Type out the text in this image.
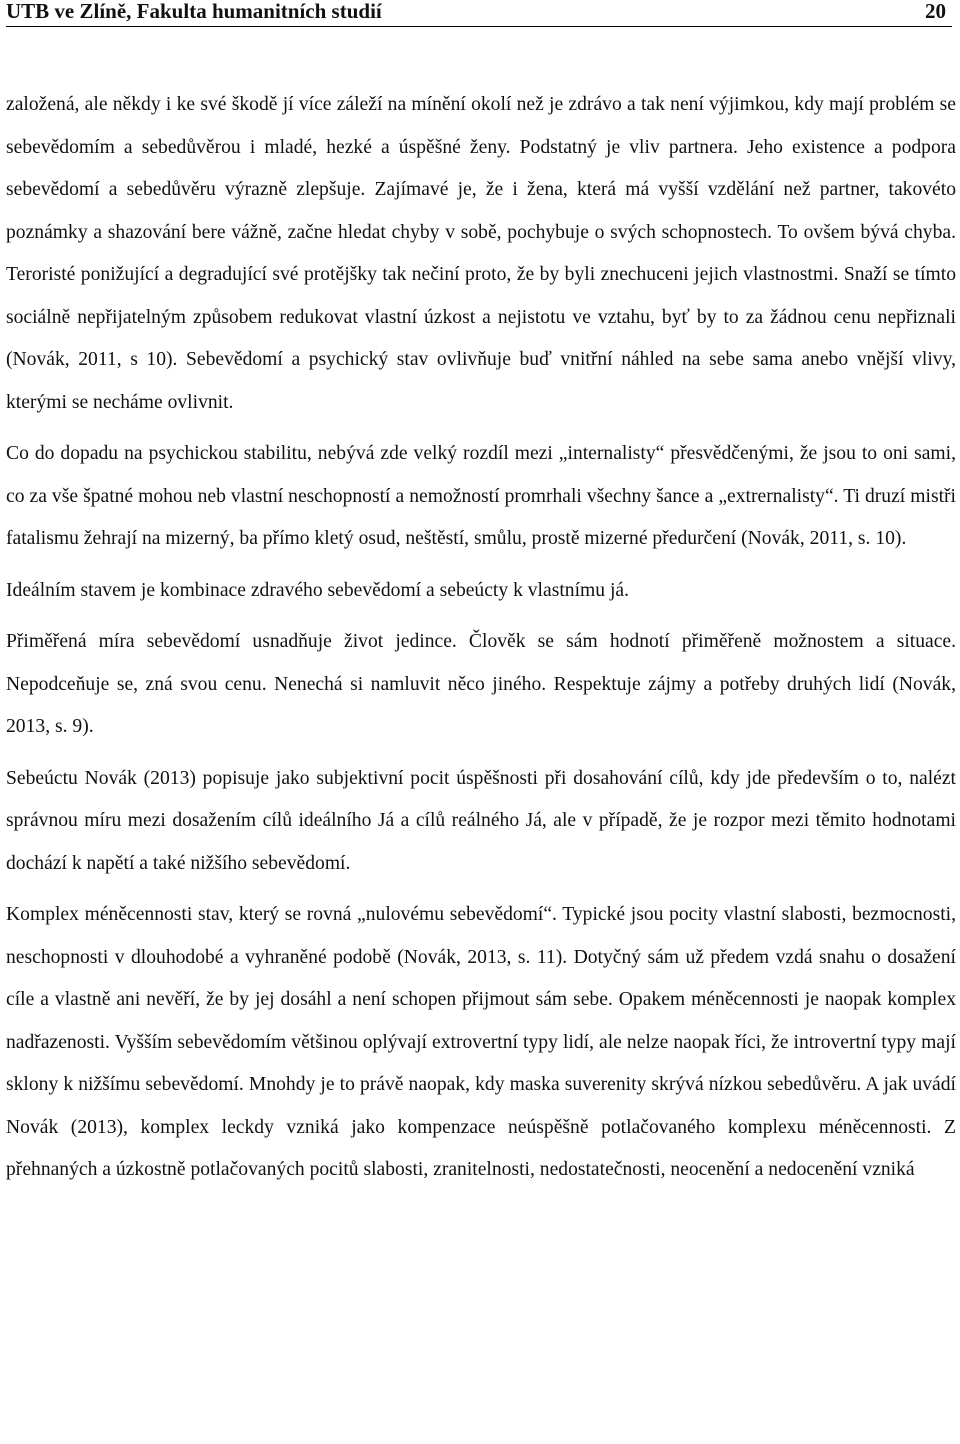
UTB ve Zlíně, Fakulta humanitních studií	20

založená, ale někdy i ke své škodě jí více záleží na mínění okolí než je zdrávo a tak není výjimkou, kdy mají problém se sebevědomím a sebedůvěrou i mladé, hezké a úspěšné ženy. Podstatný je vliv partnera. Jeho existence a podpora sebevědomí a sebedůvěru výrazně zlepšuje. Zajímavé je, že i žena, která má vyšší vzdělání než partner, takovéto poznámky a shazování bere vážně, začne hledat chyby v sobě, pochybuje o svých schopnostech. To ovšem bývá chyba. Teroristé ponižující a degradující své protějšky tak nečiní proto, že by byli znechuceni jejich vlastnostmi. Snaží se tímto sociálně nepřijatelným způsobem redukovat vlastní úzkost a nejistotu ve vztahu, byť by to za žádnou cenu nepřiznali (Novák, 2011, s 10). Sebevědomí a psychický stav ovlivňuje buď vnitřní náhled na sebe sama anebo vnější vlivy, kterými se necháme ovlivnit.

Co do dopadu na psychickou stabilitu, nebývá zde velký rozdíl mezi „internalisty“ přesvědčenými, že jsou to oni sami, co za vše špatné mohou neb vlastní neschopností a nemožností promrhali všechny šance a „extrernalisty“. Ti druzí mistři fatalismu žehrají na mizerný, ba přímo kletý osud, neštěstí, smůlu, prostě mizerné předurčení (Novák, 2011, s. 10).

Ideálním stavem je kombinace zdravého sebevědomí a sebeúcty k vlastnímu já.

Přiměřená míra sebevědomí usnadňuje život jedince. Člověk se sám hodnotí přiměřeně možnostem a situace. Nepodceňuje se, zná svou cenu. Nenechá si namluvit něco jiného. Respektuje zájmy a potřeby druhých lidí (Novák, 2013, s. 9).

Sebeúctu Novák (2013) popisuje jako subjektivní pocit úspěšnosti při dosahování cílů, kdy jde především o to, nalézt správnou míru mezi dosažením cílů ideálního Já a cílů reálného Já, ale v případě, že je rozpor mezi těmito hodnotami dochází k napětí a také nižšího sebevědomí.

Komplex méněcennosti stav, který se rovná „nulovému sebevědomí“. Typické jsou pocity vlastní slabosti, bezmocnosti, neschopnosti v dlouhodobé a vyhraněné podobě (Novák, 2013, s. 11). Dotyčný sám už předem vzdá snahu o dosažení cíle a vlastně ani nevěří, že by jej dosáhl a není schopen přijmout sám sebe. Opakem méněcennosti je naopak komplex nadřazenosti. Vyšším sebevědomím většinou oplývají extrovertní typy lidí, ale nelze naopak říci, že introvertní typy mají sklony k nižšímu sebevědomí. Mnohdy je to právě naopak, kdy maska suverenity skrývá nízkou sebedůvěru. A jak uvádí Novák (2013), komplex leckdy vzniká jako kompenzace neúspěšně potlačovaného komplexu méněcennosti. Z přehnaných a úzkostně potlačovaných pocitů slabosti, zranitelnosti, nedostatečnosti, neocenění a nedocenění vzniká
